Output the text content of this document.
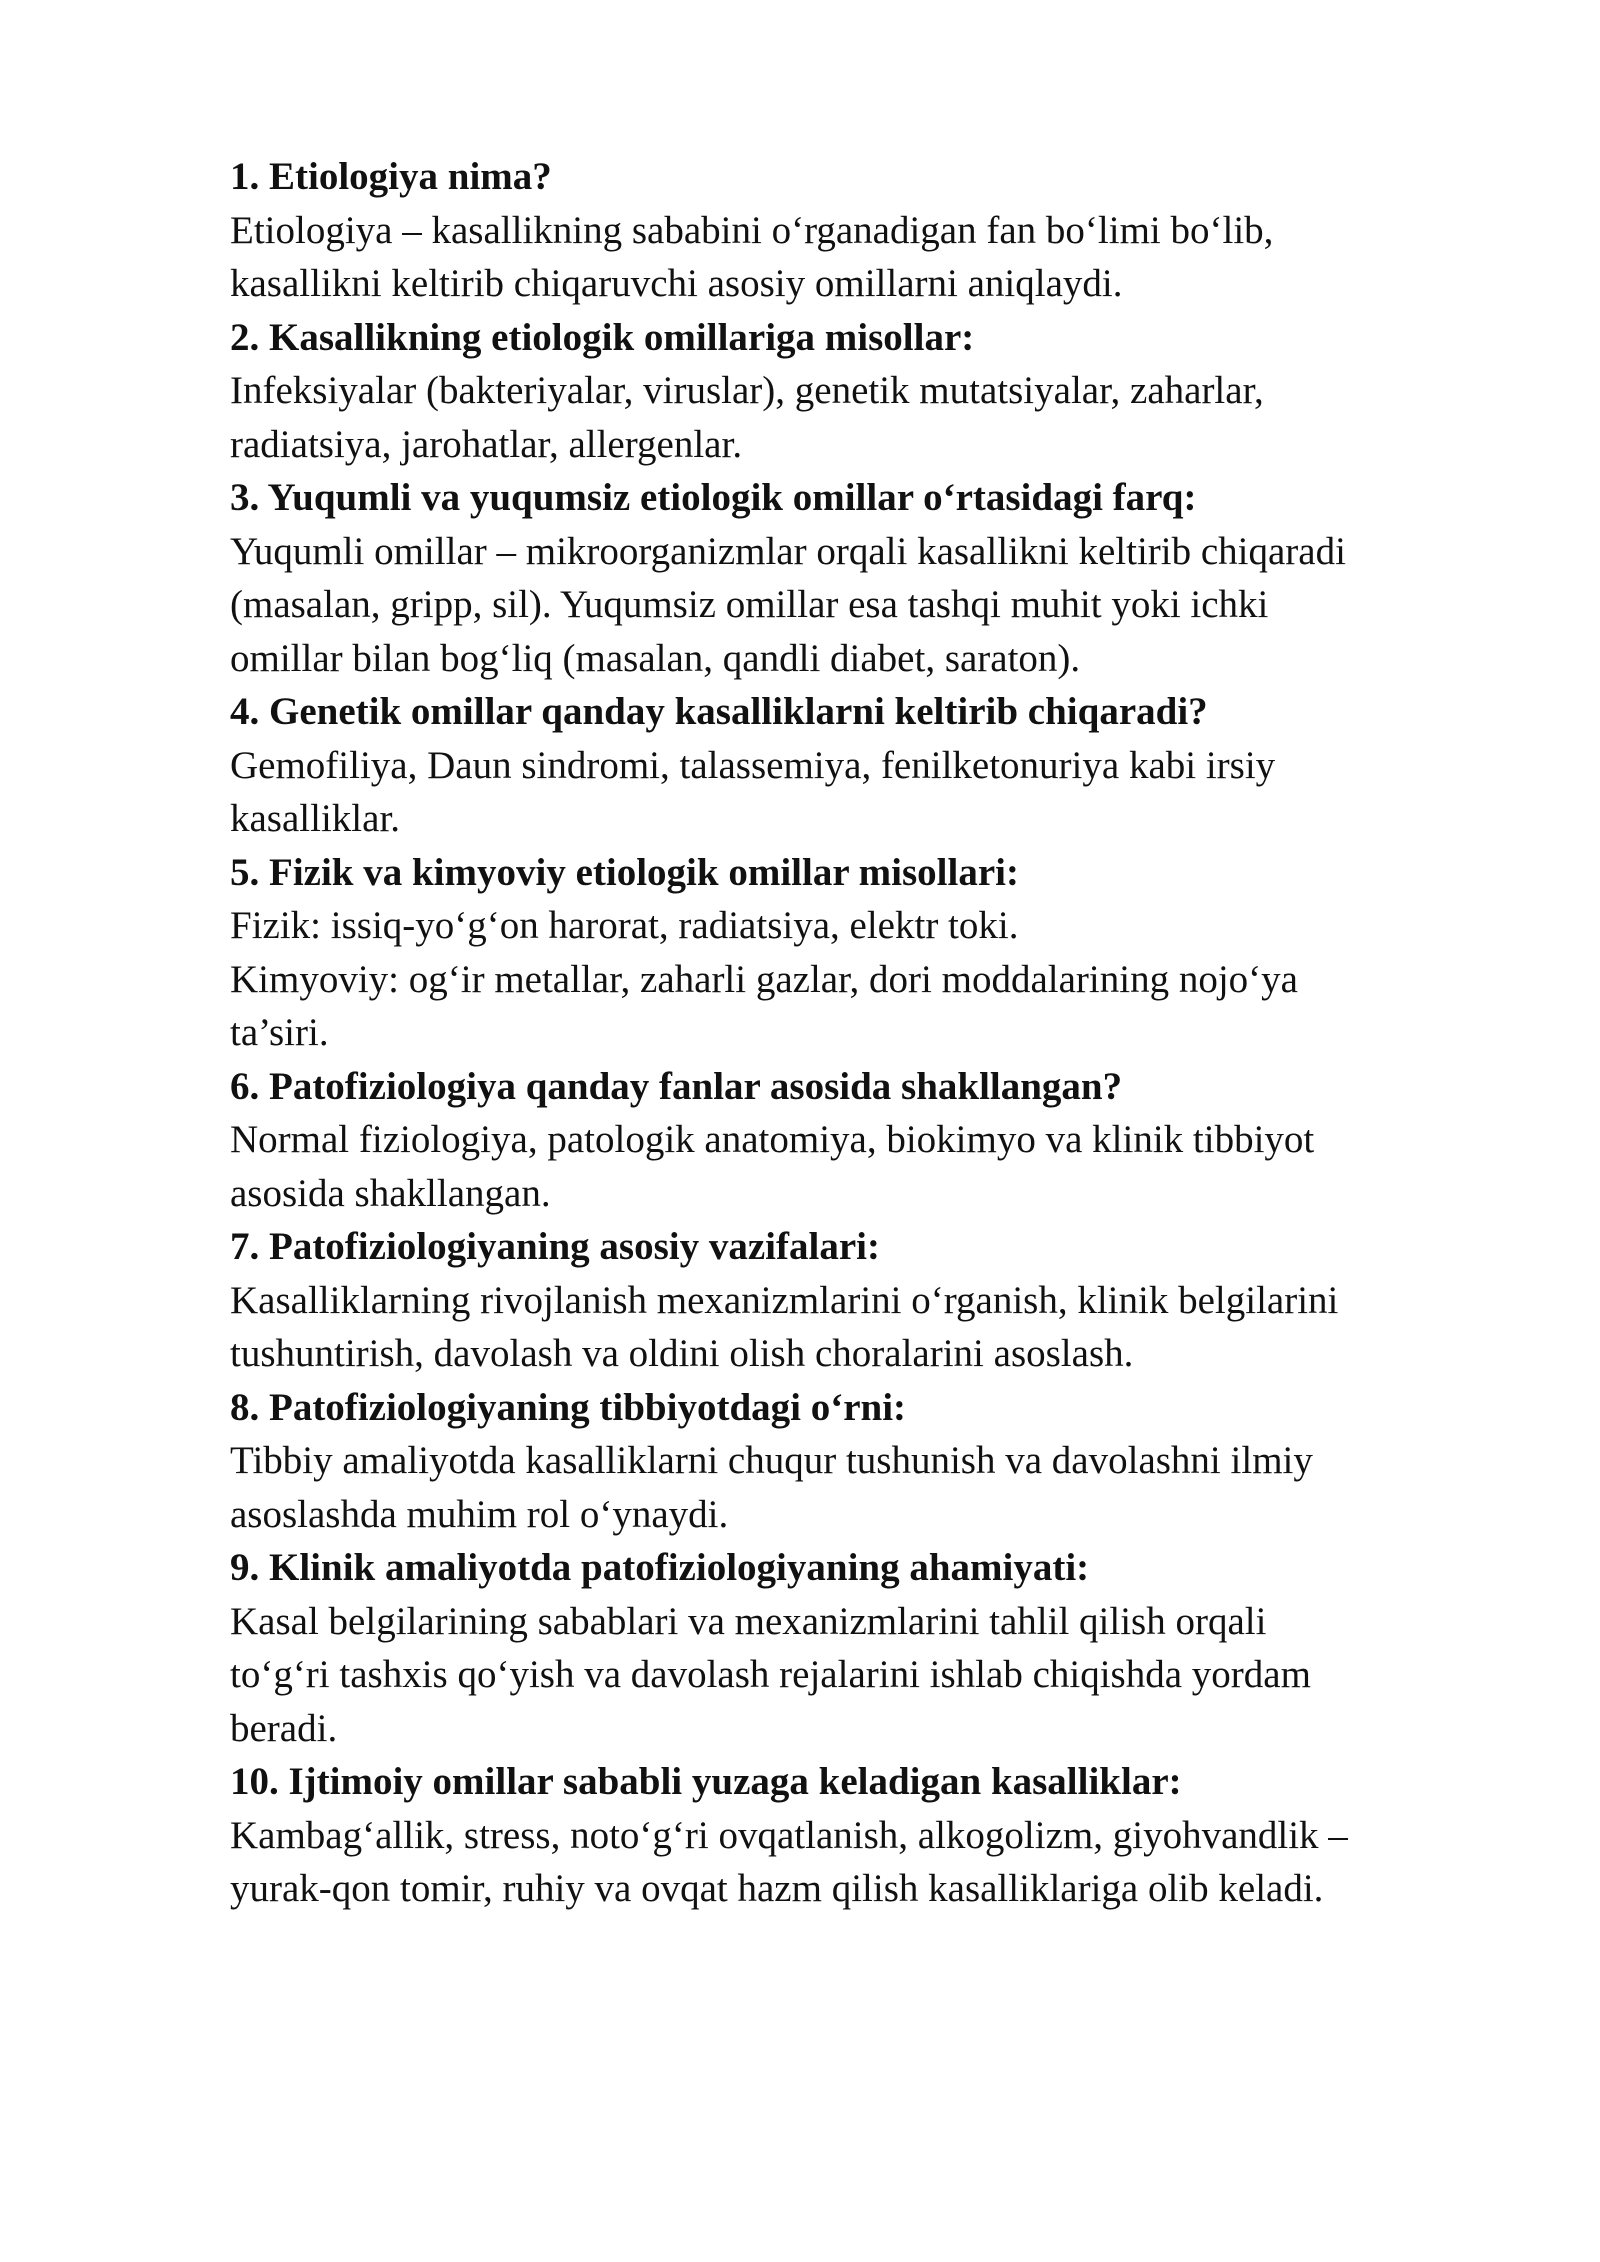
1. Etiologiya nima?

Etiologiya – kasallikning sababini o‘rganadigan fan bo‘limi bo‘lib,
kasallikni keltirib chiqaruvchi asosiy omillarni aniqlaydi.

2. Kasallikning etiologik omillariga misollar:

Infeksiyalar (bakteriyalar, viruslar), genetik mutatsiyalar, zaharlar,
radiatsiya, jarohatlar, allergenlar.

3. Yuqumli va yuqumsiz etiologik omillar o‘rtasidagi farq:

Yuqumli omillar – mikroorganizmlar orqali kasallikni keltirib chiqaradi
(masalan, gripp, sil). Yuqumsiz omillar esa tashqi muhit yoki ichki
omillar bilan bog‘liq (masalan, qandli diabet, saraton).

4. Genetik omillar qanday kasalliklarni keltirib chiqaradi?

Gemofiliya, Daun sindromi, talassemiya, fenilketonuriya kabi irsiy
kasalliklar.

5. Fizik va kimyoviy etiologik omillar misollari:

Fizik: issiq-yo‘g‘on harorat, radiatsiya, elektr toki.
Kimyoviy: og‘ir metallar, zaharli gazlar, dori moddalarining nojo‘ya
ta’siri.

6. Patofiziologiya qanday fanlar asosida shakllangan?

Normal fiziologiya, patologik anatomiya, biokimyo va klinik tibbiyot
asosida shakllangan.

7. Patofiziologiyaning asosiy vazifalari:

Kasalliklarning rivojlanish mexanizmlarini o‘rganish, klinik belgilarini
tushuntirish, davolash va oldini olish choralarini asoslash.

8. Patofiziologiyaning tibbiyotdagi o‘rni:

Tibbiy amaliyotda kasalliklarni chuqur tushunish va davolashni ilmiy
asoslashda muhim rol o‘ynaydi.

9. Klinik amaliyotda patofiziologiyaning ahamiyati:

Kasal belgilarining sabablari va mexanizmlarini tahlil qilish orqali
to‘g‘ri tashxis qo‘yish va davolash rejalarini ishlab chiqishda yordam
beradi.

10. Ijtimoiy omillar sababli yuzaga keladigan kasalliklar:

Kambag‘allik, stress, noto‘g‘ri ovqatlanish, alkogolizm, giyohvandlik –
yurak-qon tomir, ruhiy va ovqat hazm qilish kasalliklariga olib keladi.
